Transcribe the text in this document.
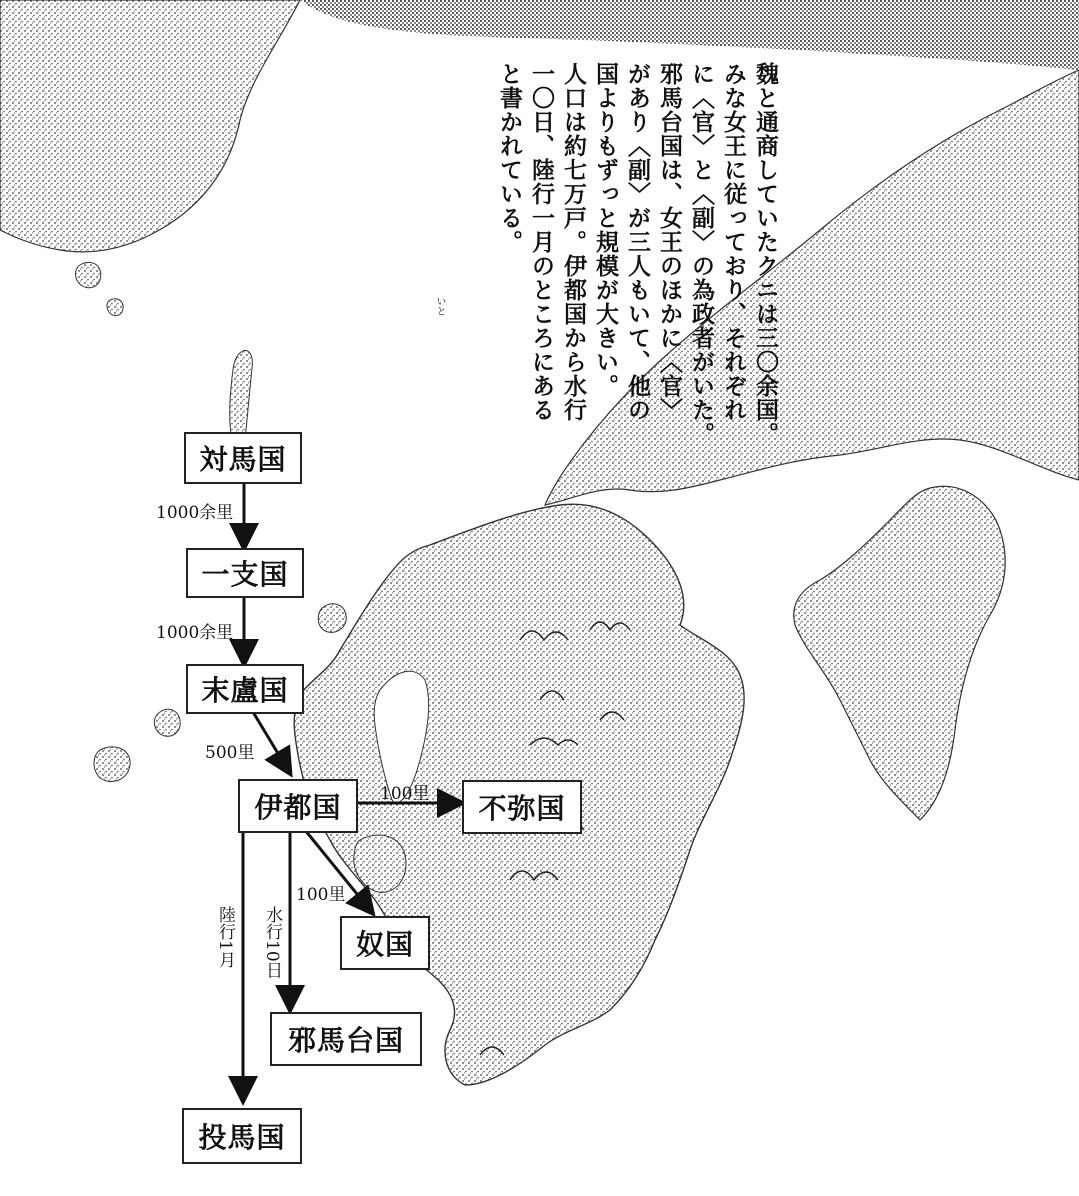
魏と通商していたクニは三〇余国。
みな女王に従っており、それぞれ
に〈官〉と〈副〉の為政者がいた。
邪馬台国は、女王のほかに〈官〉
があり〈副〉が三人もいて、他の
国よりもずっと規模が大きい。
人口は約七万戸。伊都国から水行
一〇日、陸行一月のところにある
と書かれている。
いと
対馬国
一支国
末盧国
伊都国	不弥国
奴国
邪馬台国
投馬国
1000余里
1000余里
500里
100里
100里
水行10日
陸行1月
